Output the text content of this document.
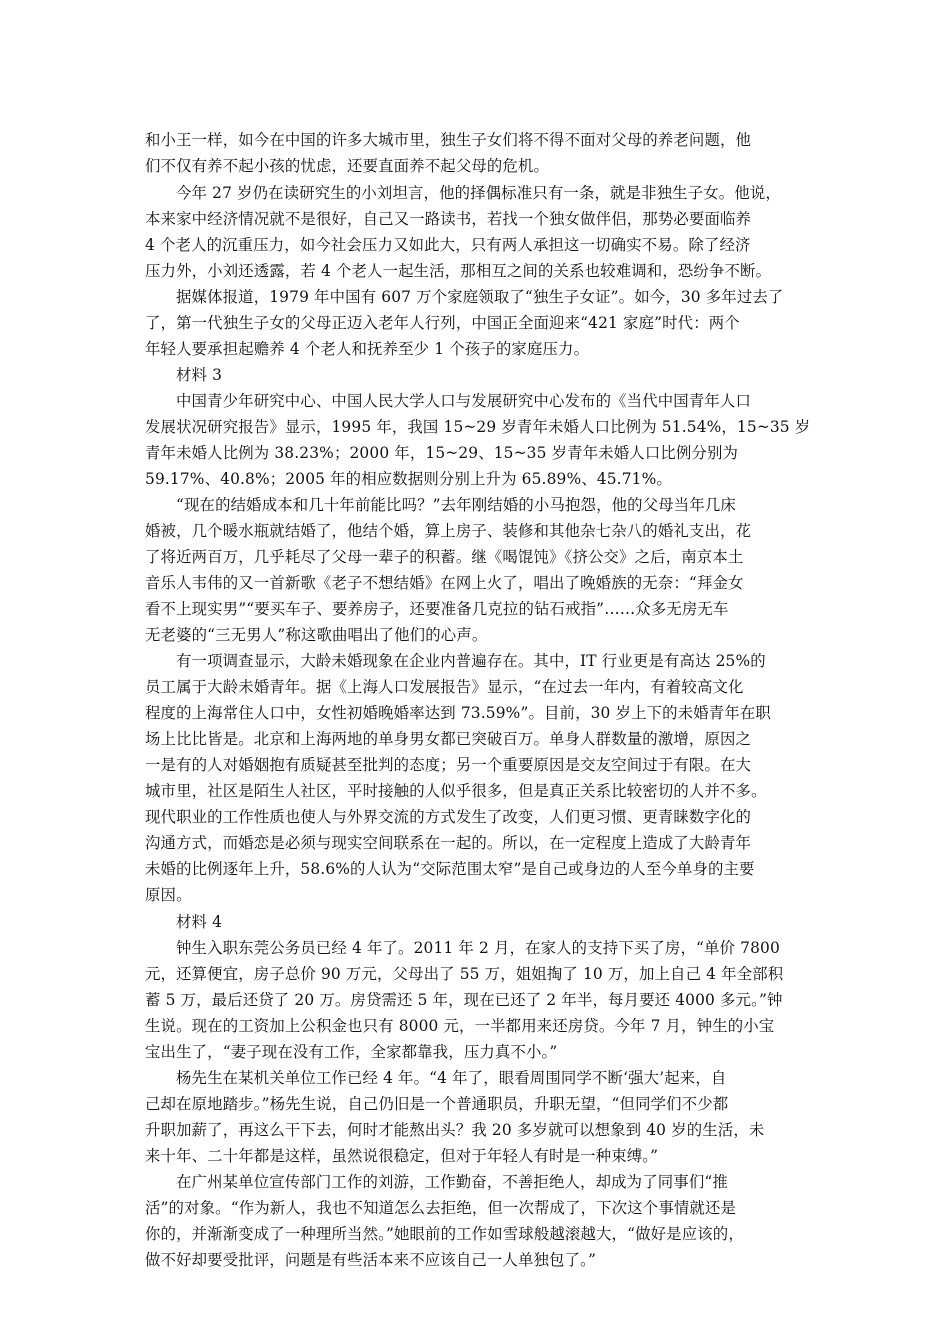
和小王一样，如今在中国的许多大城市里，独生子女们将不得不面对父母的养老问题，他
们不仅有养不起小孩的忧虑，还要直面养不起父母的危机。
今年 27 岁仍在读研究生的小刘坦言，他的择偶标准只有一条，就是非独生子女。他说，
本来家中经济情况就不是很好，自己又一路读书，若找一个独女做伴侣，那势必要面临养
4 个老人的沉重压力，如今社会压力又如此大，只有两人承担这一切确实不易。除了经济
压力外，小刘还透露，若 4 个老人一起生活，那相互之间的关系也较难调和，恐纷争不断。
据媒体报道，1979 年中国有 607 万个家庭领取了“独生子女证”。如今，30 多年过去了
了，第一代独生子女的父母正迈入老年人行列，中国正全面迎来“421 家庭”时代：两个
年轻人要承担起赡养 4 个老人和抚养至少 1 个孩子的家庭压力。
材料 3
中国青少年研究中心、中国人民大学人口与发展研究中心发布的《当代中国青年人口
发展状况研究报告》显示，1995 年，我国 15~29 岁青年未婚人口比例为 51.54%，15~35 岁
青年未婚人比例为 38.23%；2000 年，15~29、15~35 岁青年未婚人口比例分别为
59.17%、40.8%；2005 年的相应数据则分别上升为 65.89%、45.71%。
“现在的结婚成本和几十年前能比吗？”去年刚结婚的小马抱怨，他的父母当年几床
婚被，几个暖水瓶就结婚了，他结个婚，算上房子、装修和其他杂七杂八的婚礼支出，花
了将近两百万，几乎耗尽了父母一辈子的积蓄。继《喝馄饨》《挤公交》之后，南京本土
音乐人韦伟的又一首新歌《老子不想结婚》在网上火了，唱出了晚婚族的无奈：“拜金女
看不上现实男”“要买车子、要养房子，还要准备几克拉的钻石戒指”……众多无房无车
无老婆的“三无男人”称这歌曲唱出了他们的心声。
有一项调查显示，大龄未婚现象在企业内普遍存在。其中，IT 行业更是有高达 25%的
员工属于大龄未婚青年。据《上海人口发展报告》显示，“在过去一年内，有着较高文化
程度的上海常住人口中，女性初婚晚婚率达到 73.59%”。目前，30 岁上下的未婚青年在职
场上比比皆是。北京和上海两地的单身男女都已突破百万。单身人群数量的激增，原因之
一是有的人对婚姻抱有质疑甚至批判的态度；另一个重要原因是交友空间过于有限。在大
城市里，社区是陌生人社区，平时接触的人似乎很多，但是真正关系比较密切的人并不多。
现代职业的工作性质也使人与外界交流的方式发生了改变，人们更习惯、更青睐数字化的
沟通方式，而婚恋是必须与现实空间联系在一起的。所以，在一定程度上造成了大龄青年
未婚的比例逐年上升，58.6%的人认为“交际范围太窄”是自己或身边的人至今单身的主要
原因。
材料 4
钟生入职东莞公务员已经 4 年了。2011 年 2 月，在家人的支持下买了房，“单价 7800
元，还算便宜，房子总价 90 万元，父母出了 55 万，姐姐掏了 10 万，加上自己 4 年全部积
蓄 5 万，最后还贷了 20 万。房贷需还 5 年，现在已还了 2 年半，每月要还 4000 多元。”钟
生说。现在的工资加上公积金也只有 8000 元，一半都用来还房贷。今年 7 月，钟生的小宝
宝出生了，“妻子现在没有工作，全家都靠我，压力真不小。”
杨先生在某机关单位工作已经 4 年。“4 年了，眼看周围同学不断‘强大’起来，自
己却在原地踏步。”杨先生说，自己仍旧是一个普通职员，升职无望，“但同学们不少都
升职加薪了，再这么干下去，何时才能熬出头？我 20 多岁就可以想象到 40 岁的生活，未
来十年、二十年都是这样，虽然说很稳定，但对于年轻人有时是一种束缚。”
在广州某单位宣传部门工作的刘游，工作勤奋，不善拒绝人，却成为了同事们“推
活”的对象。“作为新人，我也不知道怎么去拒绝，但一次帮成了，下次这个事情就还是
你的，并渐渐变成了一种理所当然。”她眼前的工作如雪球般越滚越大，“做好是应该的，
做不好却要受批评，问题是有些活本来不应该自己一人单独包了。”
